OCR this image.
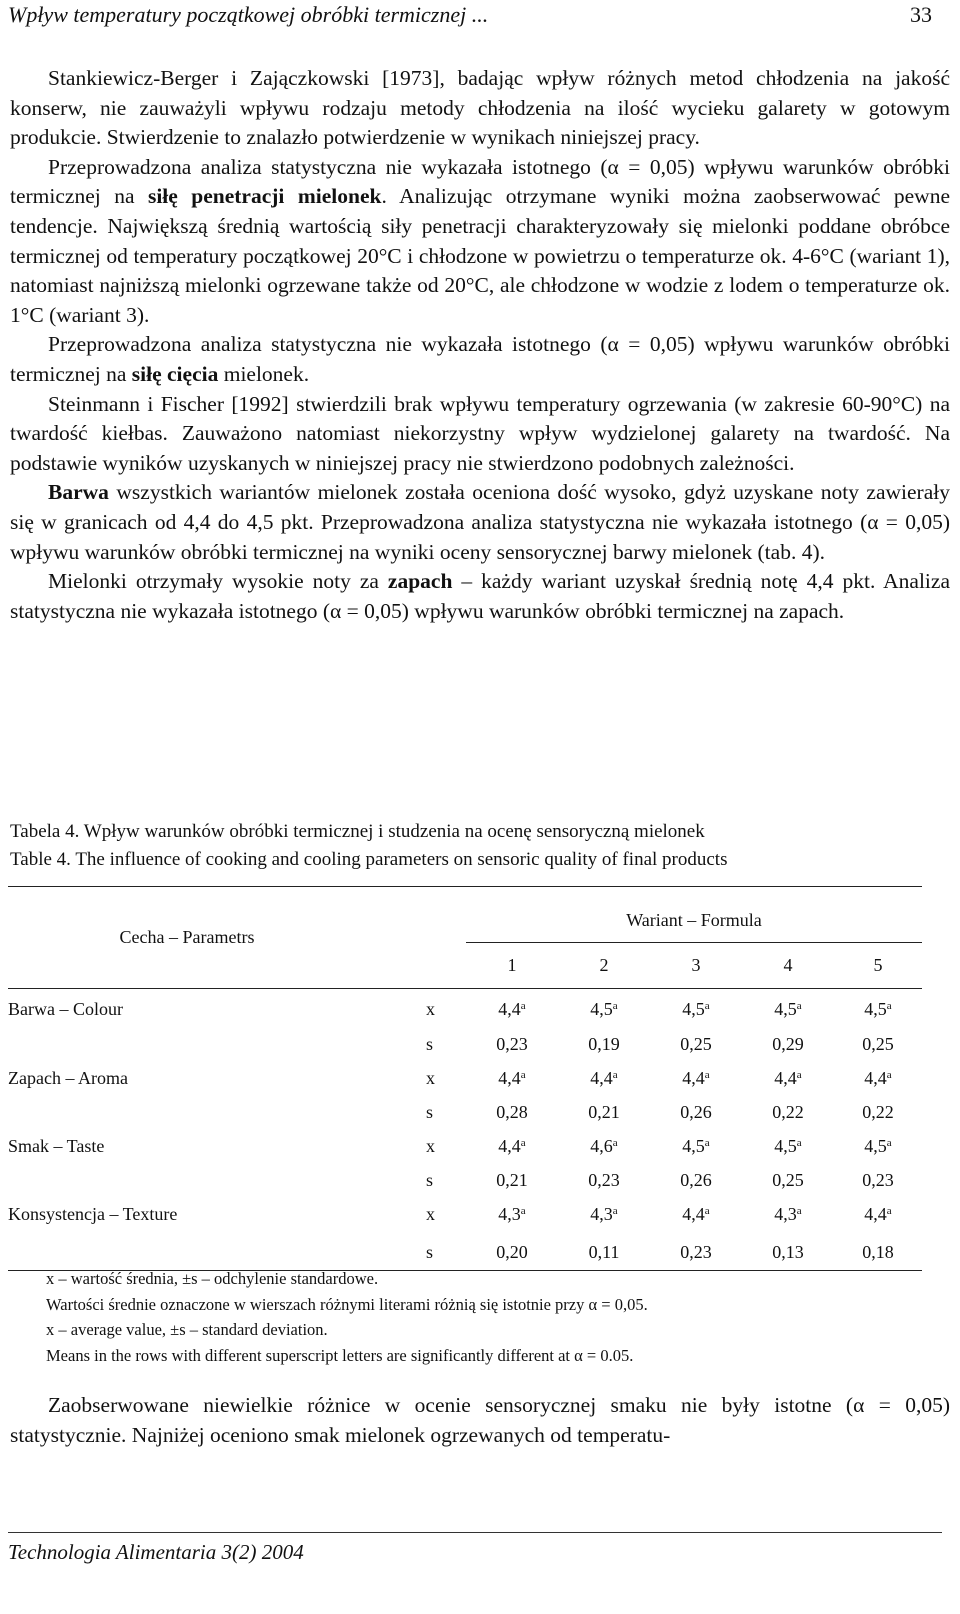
Wpływ temperatury początkowej obróbki termicznej ...	33

Stankiewicz-Berger i Zajączkowski [1973], badając wpływ różnych metod chłodzenia na jakość konserw, nie zauważyli wpływu rodzaju metody chłodzenia na ilość wycieku galarety w gotowym produkcie. Stwierdzenie to znalazło potwierdzenie w wynikach niniejszej pracy.

Przeprowadzona analiza statystyczna nie wykazała istotnego (α = 0,05) wpływu warunków obróbki termicznej na siłę penetracji mielonek. Analizując otrzymane wyniki można zaobserwować pewne tendencje. Największą średnią wartością siły penetracji charakteryzowały się mielonki poddane obróbce termicznej od temperatury początkowej 20°C i chłodzone w powietrzu o temperaturze ok. 4-6°C (wariant 1), natomiast najniższą mielonki ogrzewane także od 20°C, ale chłodzone w wodzie z lodem o temperaturze ok. 1°C (wariant 3).

Przeprowadzona analiza statystyczna nie wykazała istotnego (α = 0,05) wpływu warunków obróbki termicznej na siłę cięcia mielonek.

Steinmann i Fischer [1992] stwierdzili brak wpływu temperatury ogrzewania (w zakresie 60-90°C) na twardość kiełbas. Zauważono natomiast niekorzystny wpływ wydzielonej galarety na twardość. Na podstawie wyników uzyskanych w niniejszej pracy nie stwierdzono podobnych zależności.

Barwa wszystkich wariantów mielonek została oceniona dość wysoko, gdyż uzyskane noty zawierały się w granicach od 4,4 do 4,5 pkt. Przeprowadzona analiza statystyczna nie wykazała istotnego (α = 0,05) wpływu warunków obróbki termicznej na wyniki oceny sensorycznej barwy mielonek (tab. 4).

Mielonki otrzymały wysokie noty za zapach – każdy wariant uzyskał średnią notę 4,4 pkt. Analiza statystyczna nie wykazała istotnego (α = 0,05) wpływu warunków obróbki termicznej na zapach.

Tabela 4. Wpływ warunków obróbki termicznej i studzenia na ocenę sensoryczną mielonek
Table 4. The influence of cooking and cooling parameters on sensoric quality of final products
Cecha – Parametrs		Wariant – Formula				
		1	2	3	4	5
Barwa – Colour	x	4,4$^a$	4,5$^a$	4,5$^a$	4,5$^a$	4,5$^a$
	s	0,23	0,19	0,25	0,29	0,25
Zapach – Aroma	x	4,4$^a$	4,4$^a$	4,4$^a$	4,4$^a$	4,4$^a$
	s	0,28	0,21	0,26	0,22	0,22
Smak – Taste	x	4,4$^a$	4,6$^a$	4,5$^a$	4,5$^a$	4,5$^a$
	s	0,21	0,23	0,26	0,25	0,23
Konsystencja – Texture	x	4,3$^a$	4,3$^a$	4,4$^a$	4,3$^a$	4,4$^a$
	s	0,20	0,11	0,23	0,13	0,18
x – wartość średnia, ±s – odchylenie standardowe.
Wartości średnie oznaczone w wierszach różnymi literami różnią się istotnie przy α = 0,05.
x – average value, ±s – standard deviation.
Means in the rows with different superscript letters are significantly different at α = 0.05.

Zaobserwowane niewielkie różnice w ocenie sensorycznej smaku nie były istotne (α = 0,05) statystycznie. Najniżej oceniono smak mielonek ogrzewanych od temperatu-

Technologia Alimentaria 3(2) 2004
